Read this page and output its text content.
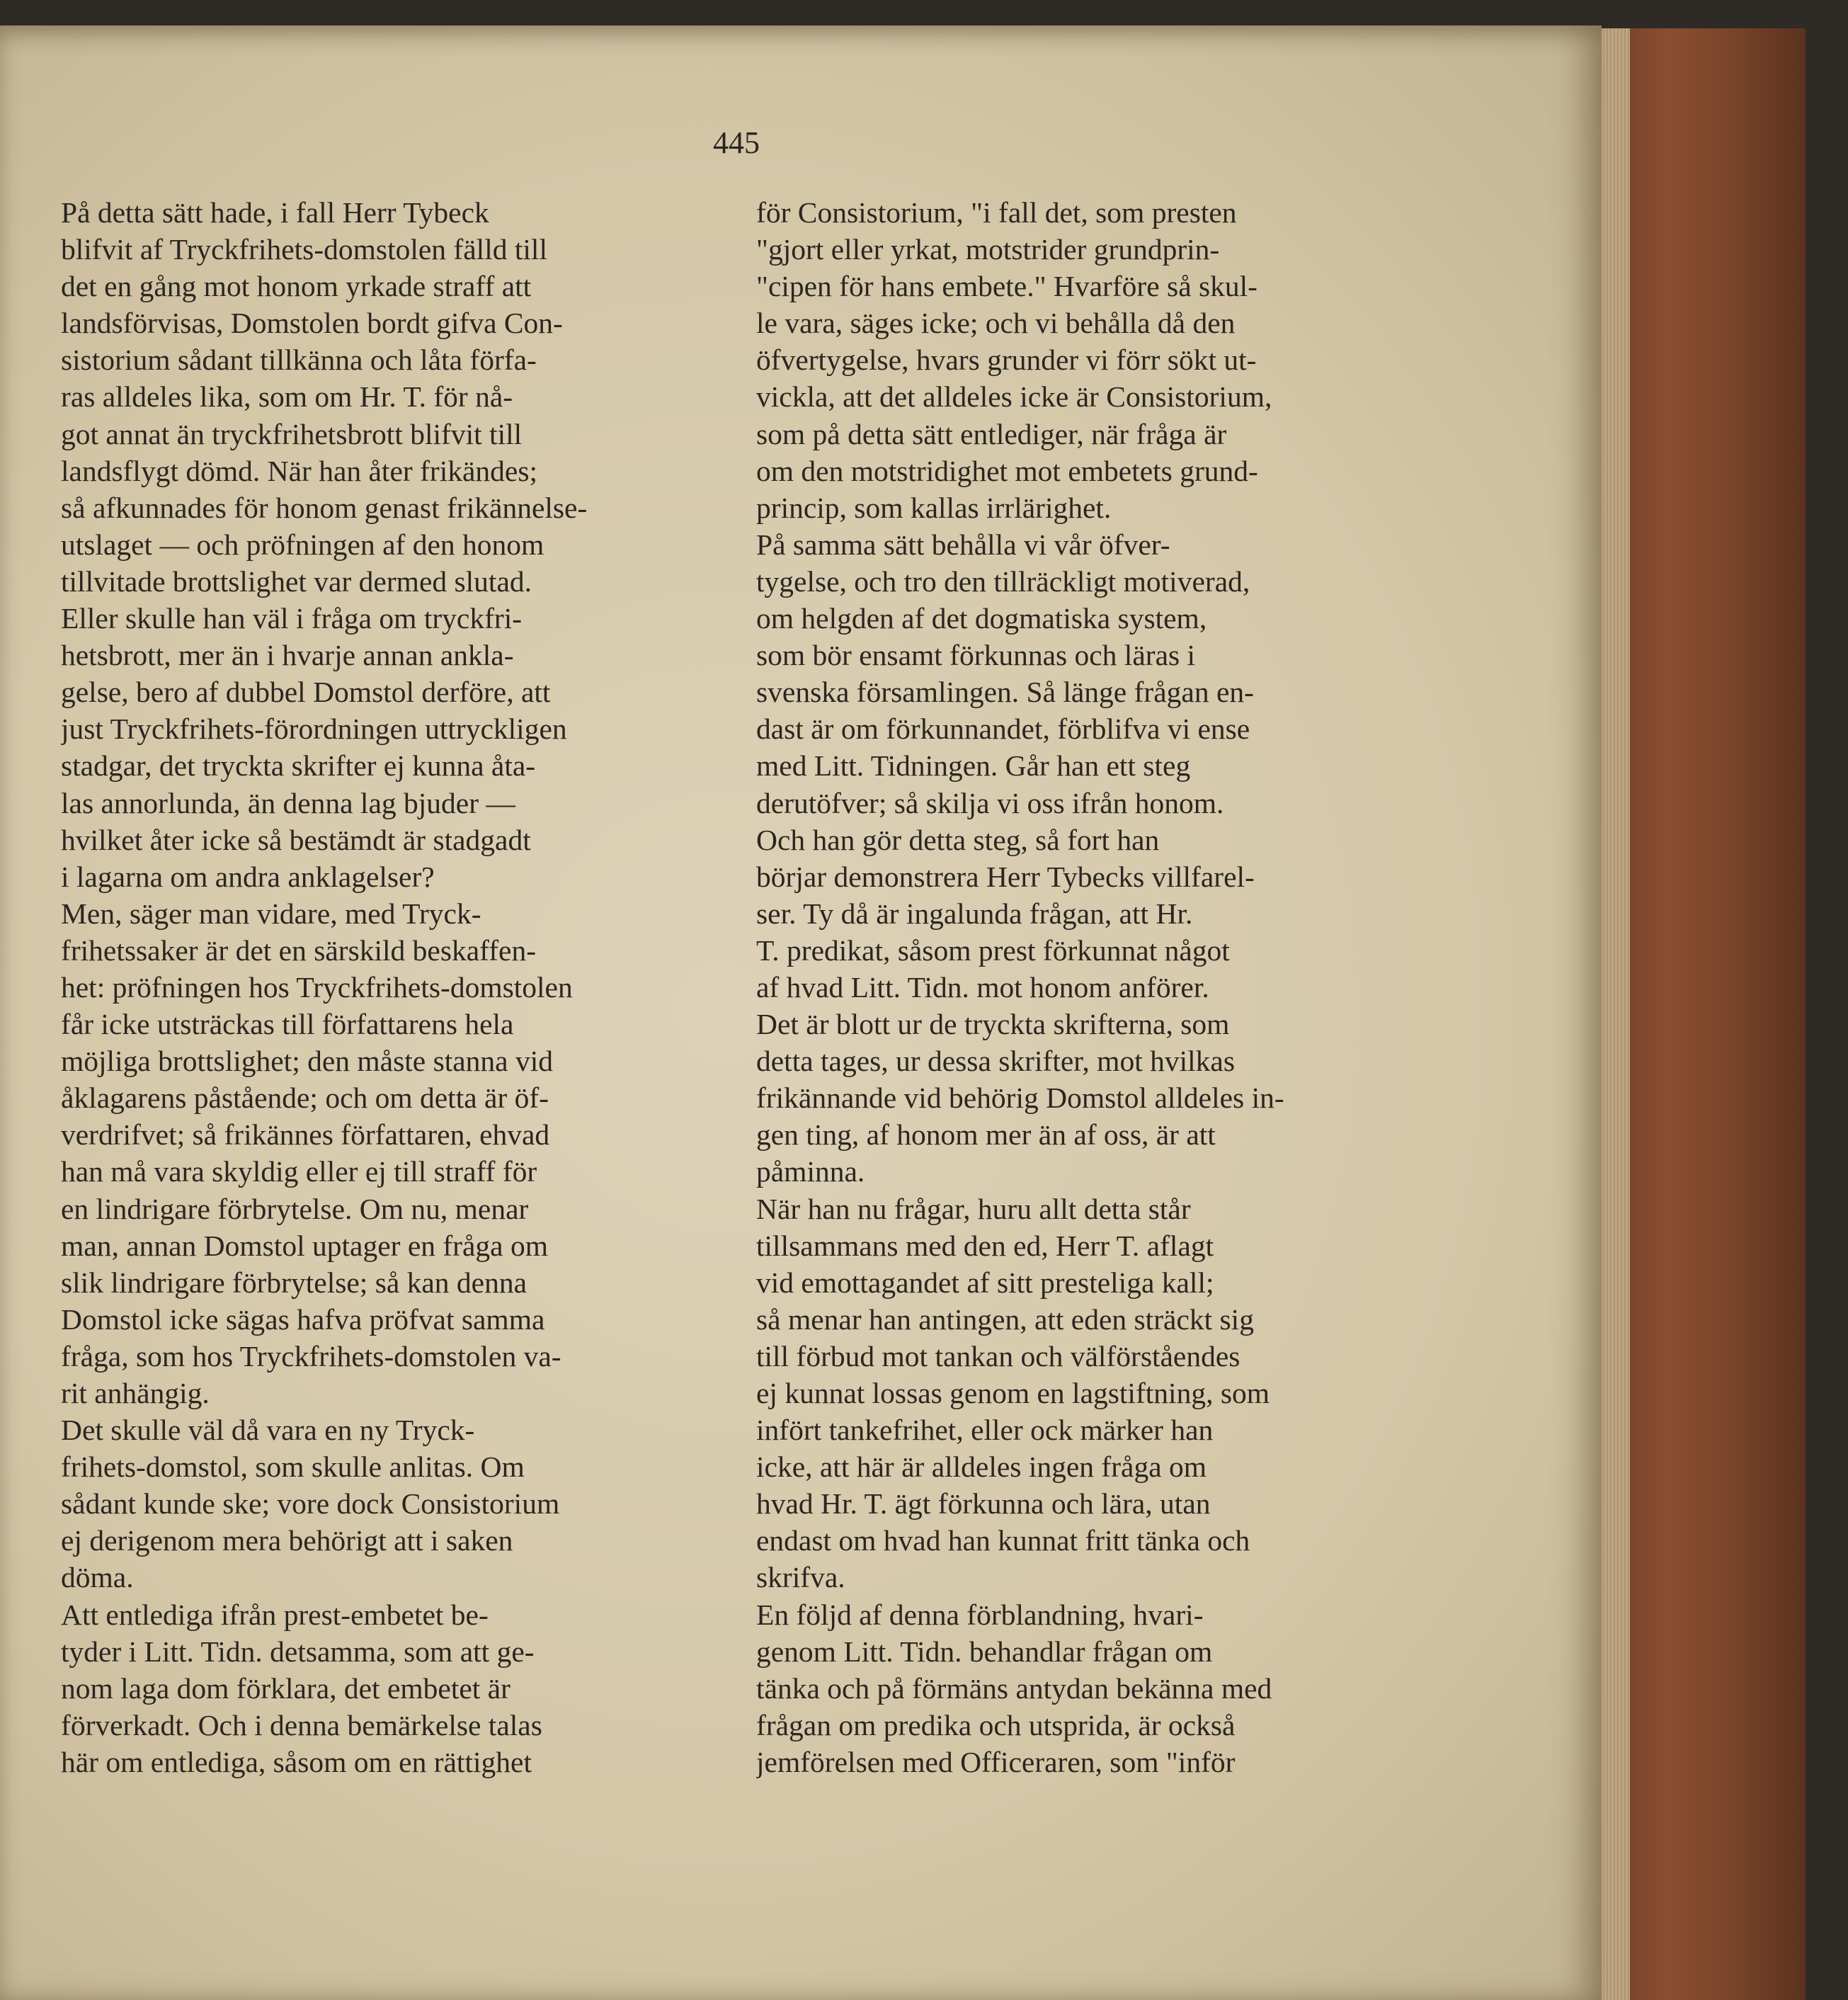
445
På detta sätt hade, i fall Herr Tybeck
blifvit af Tryckfrihets-domstolen fälld till
det en gång mot honom yrkade straff att
landsförvisas, Domstolen bordt gifva Con-
sistorium sådant tillkänna och låta förfa-
ras alldeles lika, som om Hr. T. för nå-
got annat än tryckfrihetsbrott blifvit till
landsflygt dömd. När han åter frikändes;
så afkunnades för honom genast frikännelse-
utslaget — och pröfningen af den honom
tillvitade brottslighet var dermed slutad.
Eller skulle han väl i fråga om tryckfri-
hetsbrott, mer än i hvarje annan ankla-
gelse, bero af dubbel Domstol derföre, att
just Tryckfrihets-förordningen uttryckligen
stadgar, det tryckta skrifter ej kunna åta-
las annorlunda, än denna lag bjuder —
hvilket åter icke så bestämdt är stadgadt
i lagarna om andra anklagelser?
Men, säger man vidare, med Tryck-
frihetssaker är det en särskild beskaffen-
het: pröfningen hos Tryckfrihets-domstolen
får icke utsträckas till författarens hela
möjliga brottslighet; den måste stanna vid
åklagarens påstående; och om detta är öf-
verdrifvet; så frikännes författaren, ehvad
han må vara skyldig eller ej till straff för
en lindrigare förbrytelse. Om nu, menar
man, annan Domstol uptager en fråga om
slik lindrigare förbrytelse; så kan denna
Domstol icke sägas hafva pröfvat samma
fråga, som hos Tryckfrihets-domstolen va-
rit anhängig.
Det skulle väl då vara en ny Tryck-
frihets-domstol, som skulle anlitas. Om
sådant kunde ske; vore dock Consistorium
ej derigenom mera behörigt att i saken
döma.
Att entlediga ifrån prest-embetet be-
tyder i Litt. Tidn. detsamma, som att ge-
nom laga dom förklara, det embetet är
förverkadt. Och i denna bemärkelse talas
här om entlediga, såsom om en rättighet
för Consistorium, "i fall det, som presten
"gjort eller yrkat, motstrider grundprin-
"cipen för hans embete." Hvarföre så skul-
le vara, säges icke; och vi behålla då den
öfvertygelse, hvars grunder vi förr sökt ut-
vickla, att det alldeles icke är Consistorium,
som på detta sätt entlediger, när fråga är
om den motstridighet mot embetets grund-
princip, som kallas irrlärighet.
På samma sätt behålla vi vår öfver-
tygelse, och tro den tillräckligt motiverad,
om helgden af det dogmatiska system,
som bör ensamt förkunnas och läras i
svenska församlingen. Så länge frågan en-
dast är om förkunnandet, förblifva vi ense
med Litt. Tidningen. Går han ett steg
derutöfver; så skilja vi oss ifrån honom.
Och han gör detta steg, så fort han
börjar demonstrera Herr Tybecks villfarel-
ser. Ty då är ingalunda frågan, att Hr.
T. predikat, såsom prest förkunnat något
af hvad Litt. Tidn. mot honom anförer.
Det är blott ur de tryckta skrifterna, som
detta tages, ur dessa skrifter, mot hvilkas
frikännande vid behörig Domstol alldeles in-
gen ting, af honom mer än af oss, är att
påminna.
När han nu frågar, huru allt detta står
tillsammans med den ed, Herr T. aflagt
vid emottagandet af sitt presteliga kall;
så menar han antingen, att eden sträckt sig
till förbud mot tankan och välförståendes
ej kunnat lossas genom en lagstiftning, som
infört tankefrihet, eller ock märker han
icke, att här är alldeles ingen fråga om
hvad Hr. T. ägt förkunna och lära, utan
endast om hvad han kunnat fritt tänka och
skrifva.
En följd af denna förblandning, hvari-
genom Litt. Tidn. behandlar frågan om
tänka och på förmäns antydan bekänna med
frågan om predika och utsprida, är också
jemförelsen med Officeraren, som "inför
